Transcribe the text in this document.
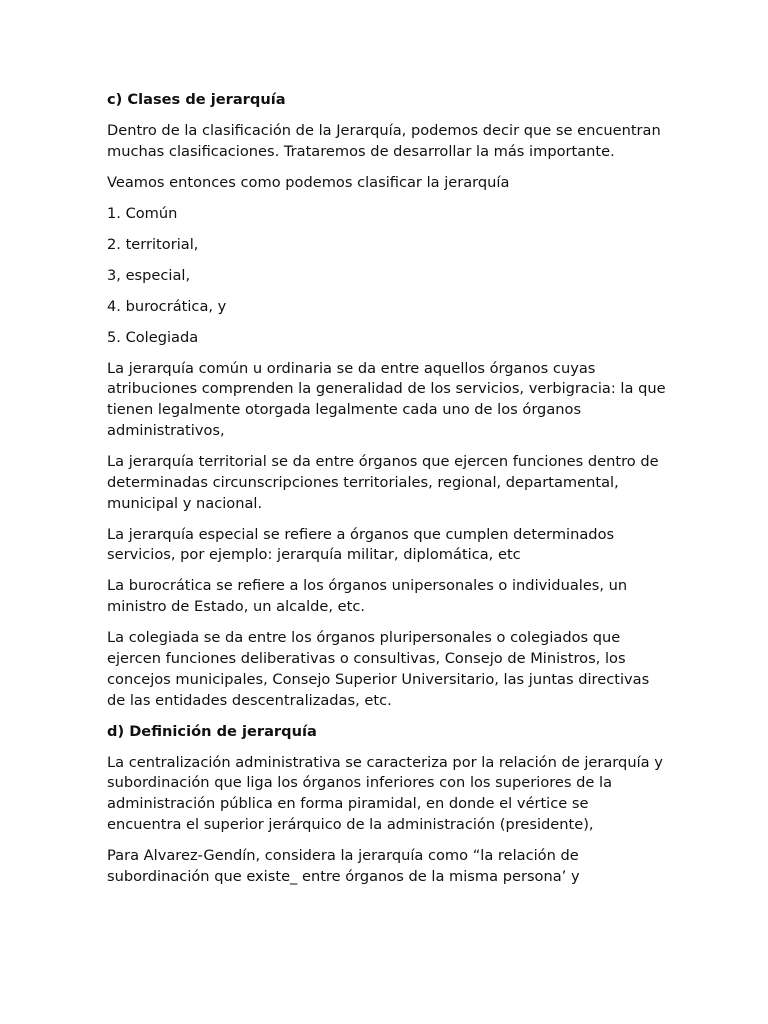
c) Clases de jerarquía

Dentro de la clasificación de la Jerarquía, podemos decir que se encuentran muchas clasificaciones. Trataremos de desarrollar la más importante.

Veamos entonces como podemos clasificar la jerarquía

1. Común

2. territorial,

3, especial,

4. burocrática, y

5. Colegiada

La jerarquía común u ordinaria se da entre aquellos órganos cuyas atribuciones comprenden la generalidad de los servicios, verbigracia: la que tienen legalmente otorgada legalmente cada uno de los órganos administrativos,

La jerarquía territorial se da entre órganos que ejercen funciones dentro de  determinadas circunscripciones territoriales, regional, departamental, municipal y nacional.

La jerarquía especial se refiere a órganos que cumplen determinados servicios, por ejemplo: jerarquía militar, diplomática, etc

La burocrática se refiere a los órganos unipersonales o individuales, un ministro de Estado, un alcalde, etc.

La colegiada se da entre los órganos pluripersonales o colegiados que ejercen funciones deliberativas o consultivas, Consejo de Ministros, los concejos municipales, Consejo Superior Universitario, las juntas directivas de las entidades descentralizadas, etc.

d) Definición de jerarquía

La centralización administrativa se caracteriza por la relación de jerarquía y subordinación que liga los órganos inferiores con los superiores de la administración pública en forma piramidal, en donde el vértice se encuentra el superior jerárquico de la administración (presidente),

Para Alvarez-Gendín, considera la jerarquía como “la relación de subordinación que existe_ entre órganos de la misma persona’ y
